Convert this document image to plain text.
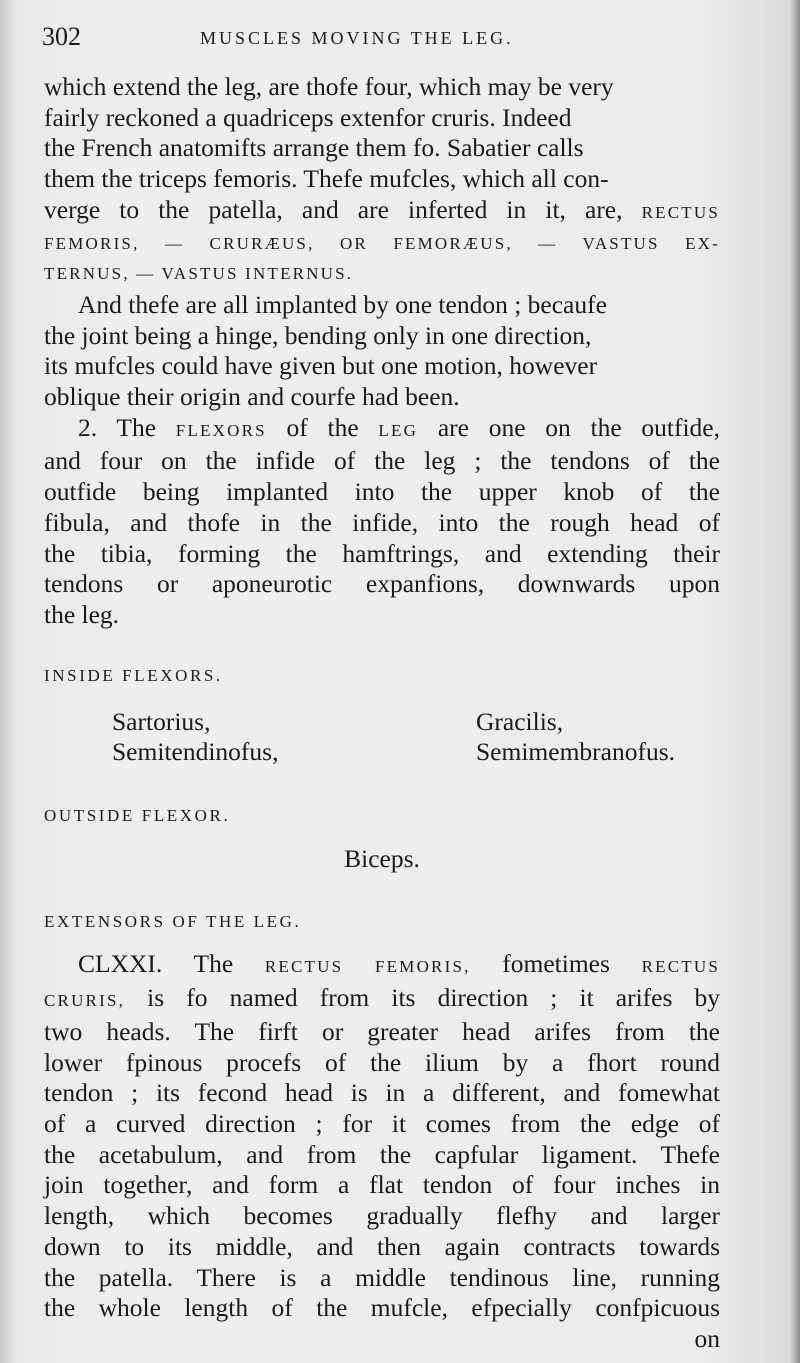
302	MUSCLES MOVING THE LEG.

which extend the leg, are thofe four, which may be very

fairly reckoned a quadriceps extenfor cruris. Indeed

the French anatomifts arrange them fo. Sabatier calls

them the triceps femoris. Thefe mufcles, which all con-

verge to the patella, and are inferted in it, are, RECTUS

FEMORIS, — CRURÆUS, OR FEMORÆUS, — VASTUS EX-

TERNUS, — VASTUS INTERNUS.

And thefe are all implanted by one tendon ; becaufe

the joint being a hinge, bending only in one direction,

its mufcles could have given but one motion, however

oblique their origin and courfe had been.

2. The FLEXORS of the LEG are one on the outfide,

and four on the infide of the leg ; the tendons of the

outfide being implanted into the upper knob of the

fibula, and thofe in the infide, into the rough head of

the tibia, forming the hamftrings, and extending their

tendons or aponeurotic expanfions, downwards upon

the leg.

INSIDE FLEXORS.

Sartorius,	Gracilis,
Semitendinofus,	Semimembranofus.

OUTSIDE FLEXOR.

Biceps.

EXTENSORS OF THE LEG.

CLXXI. The RECTUS FEMORIS, fometimes RECTUS

CRURIS, is fo named from its direction ; it arifes by

two heads. The firft or greater head arifes from the

lower fpinous procefs of the ilium by a fhort round

tendon ; its fecond head is in a different, and fomewhat

of a curved direction ; for it comes from the edge of

the acetabulum, and from the capfular ligament. Thefe

join together, and form a flat tendon of four inches in

length, which becomes gradually flefhy and larger

down to its middle, and then again contracts towards

the patella. There is a middle tendinous line, running

the whole length of the mufcle, efpecially confpicuous

on
